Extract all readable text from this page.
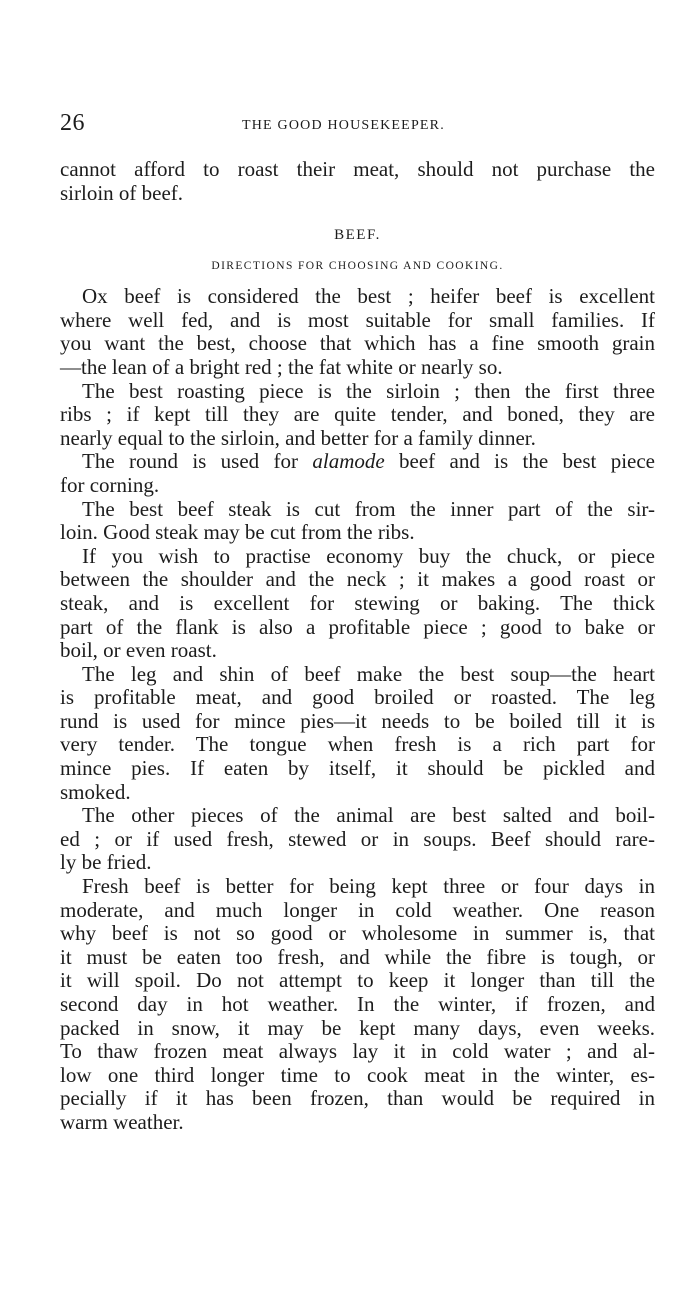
26	THE GOOD HOUSEKEEPER.
cannot afford to roast their meat, should not purchase the
sirloin of beef.
BEEF.
DIRECTIONS FOR CHOOSING AND COOKING.
Ox beef is considered the best ; heifer beef is excellent
where well fed, and is most suitable for small families. If
you want the best, choose that which has a fine smooth grain
—the lean of a bright red ; the fat white or nearly so.
The best roasting piece is the sirloin ; then the first three
ribs ; if kept till they are quite tender, and boned, they are
nearly equal to the sirloin, and better for a family dinner.
The round is used for alamode beef and is the best piece
for corning.
The best beef steak is cut from the inner part of the sir-
loin. Good steak may be cut from the ribs.
If you wish to practise economy buy the chuck, or piece
between the shoulder and the neck ; it makes a good roast or
steak, and is excellent for stewing or baking. The thick
part of the flank is also a profitable piece ; good to bake or
boil, or even roast.
The leg and shin of beef make the best soup—the heart
is profitable meat, and good broiled or roasted. The leg
rund is used for mince pies—it needs to be boiled till it is
very tender. The tongue when fresh is a rich part for
mince pies. If eaten by itself, it should be pickled and
smoked.
The other pieces of the animal are best salted and boil-
ed ; or if used fresh, stewed or in soups. Beef should rare-
ly be fried.
Fresh beef is better for being kept three or four days in
moderate, and much longer in cold weather. One reason
why beef is not so good or wholesome in summer is, that
it must be eaten too fresh, and while the fibre is tough, or
it will spoil. Do not attempt to keep it longer than till the
second day in hot weather. In the winter, if frozen, and
packed in snow, it may be kept many days, even weeks.
To thaw frozen meat always lay it in cold water ; and al-
low one third longer time to cook meat in the winter, es-
pecially if it has been frozen, than would be required in
warm weather.
